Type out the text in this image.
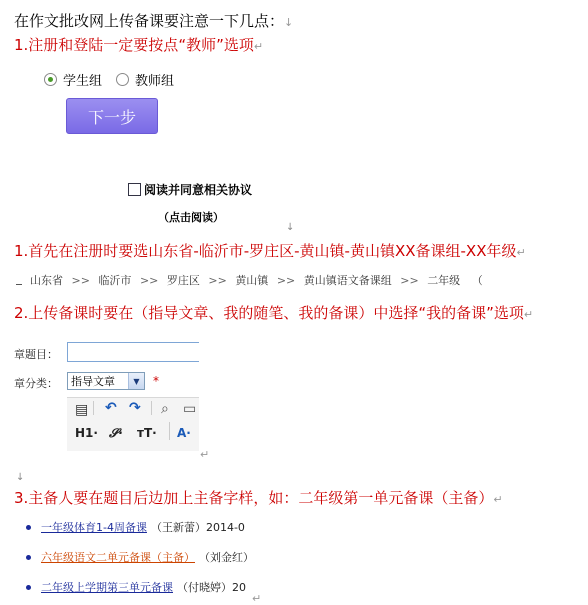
在作文批改网上传备课要注意一下几点：↓
1.注册和登陆一定要按点“教师”选项↵
学生组	教师组
下一步
阅读并同意相关协议
（点击阅读）
↓
1.首先在注册时要选山东省-临沂市-罗庄区-黄山镇-黄山镇XX备课组-XX年级↵
山东省 >> 临沂市 >> 罗庄区 >> 黄山镇 >> 黄山镇语文备课组 >> 二年级 （
2.上传备课时要在（指导文章、我的随笔、我的备课）中选择“我的备课”选项↵
章题目：
章分类： 指导文章	▼	*
▤ ↶ ↷ ⌕ ▭
H1· 𝓢· тT· A·
↵
↓
3.主备人要在题目后边加上主备字样，如：二年级第一单元备课（主备）↵
一年级体育1-4周备课 （王新蕾）2014-0
六年级语文二单元备课（主备） （刘金红）
二年级上学期第三单元备课 （付晓婷）20
↵
